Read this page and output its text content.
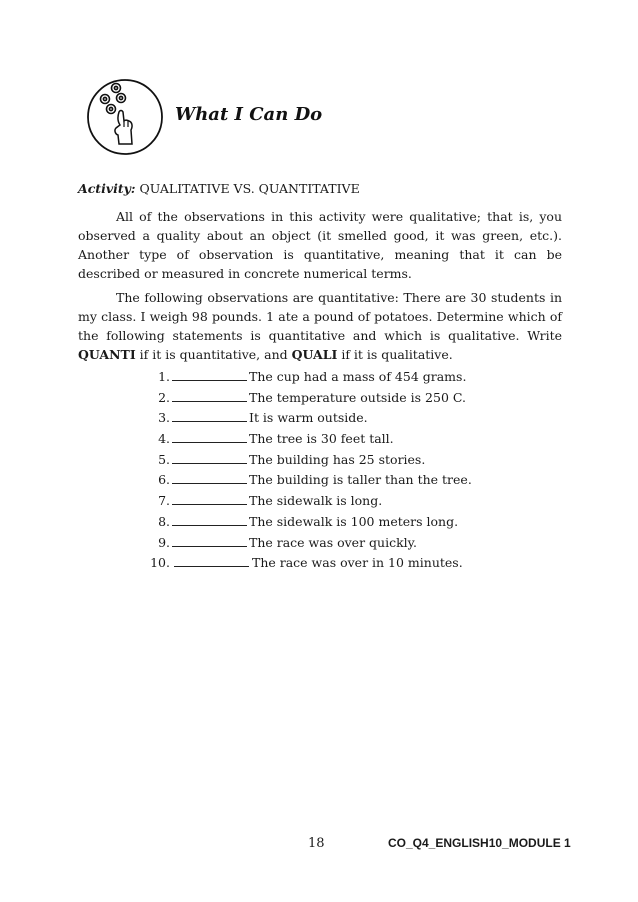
What I Can Do
Activity: QUALITATIVE VS. QUANTITATIVE
All of the observations in this activity were qualitative; that is, you observed a quality about an object (it smelled good, it was green, etc.). Another type of observation is quantitative, meaning that it can be described or measured in concrete numerical terms.
The following observations are quantitative: There are 30 students in my class. I weigh 98 pounds. 1 ate a pound of potatoes. Determine which of the following statements is quantitative and which is qualitative. Write QUANTI if it is quantitative, and QUALI if it is qualitative.
1.	The cup had a mass of 454 grams.
2.	The temperature outside is 250 C.
3.	It is warm outside.
4.	The tree is 30 feet tall.
5.	The building has 25 stories.
6.	The building is taller than the tree.
7.	The sidewalk is long.
8.	The sidewalk is 100 meters long.
9.	The race was over quickly.
10.	The race was over in 10 minutes.
18	CO_Q4_ENGLISH10_MODULE 1
